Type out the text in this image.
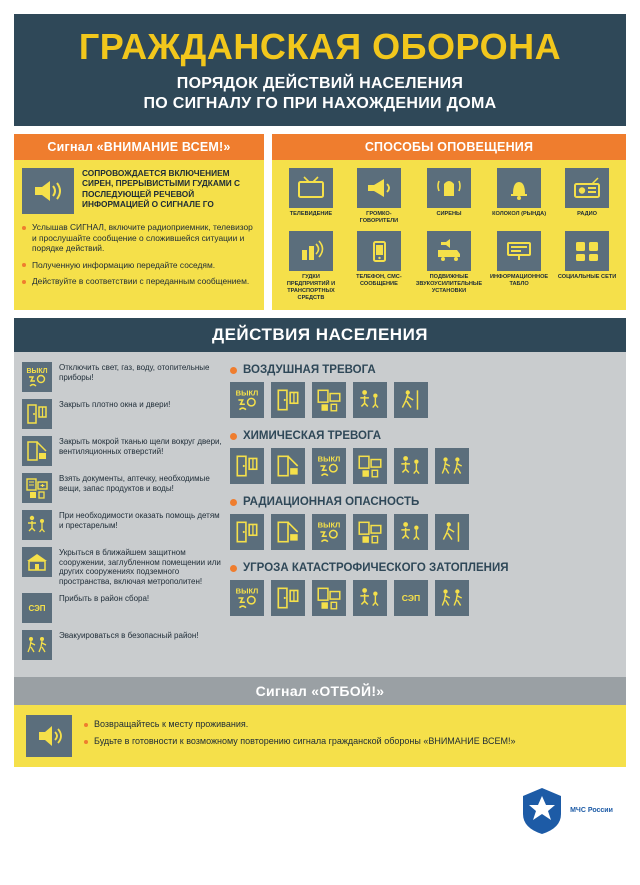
ГРАЖДАНСКАЯ ОБОРОНА
ПОРЯДОК ДЕЙСТВИЙ НАСЕЛЕНИЯ
ПО СИГНАЛУ ГО ПРИ НАХОЖДЕНИИ ДОМА
Сигнал «ВНИМАНИЕ ВСЕМ!»
СОПРОВОЖДАЕТСЯ ВКЛЮЧЕНИЕМ СИРЕН, ПРЕРЫВИСТЫМИ ГУДКАМИ С ПОСЛЕДУЮЩЕЙ РЕЧЕВОЙ ИНФОРМАЦИЕЙ О СИГНАЛЕ ГО
Услышав СИГНАЛ, включите радиоприемник, телевизор и прослушайте сообщение о сложившейся ситуации и порядке действий.
Полученную информацию передайте соседям.
Действуйте в соответствии с переданным сообщением.
СПОСОБЫ ОПОВЕЩЕНИЯ
ТЕЛЕВИДЕНИЕ	ГРОМКО-ГОВОРИТЕЛИ
СИРЕНЫ	КОЛОКОЛ (РЫНДА)	РАДИО
ГУДКИ ПРЕДПРИЯТИЙ И ТРАНСПОРТНЫХ СРЕДСТВ
ТЕЛЕФОН, СМС-СООБЩЕНИЕ
ПОДВИЖНЫЕ ЗВУКОУСИЛИТЕЛЬНЫЕ УСТАНОВКИ
ИНФОРМАЦИОННОЕ ТАБЛО
СОЦИАЛЬНЫЕ СЕТИ
ДЕЙСТВИЯ НАСЕЛЕНИЯ
ВЫКЛ Отключить свет, газ, воду, отопительные приборы!
Закрыть плотно окна и двери!
Закрыть мокрой тканью щели вокруг двери, вентиляционных отверстий!
Взять документы, аптечку, необходимые вещи, запас продуктов и воды!
При необходимости оказать помощь детям и престарелым!
Укрыться в ближайшем защитном сооружении, заглубленном помещении или других сооружениях подземного пространства, включая метрополитен!
СЭП
Прибыть в район сбора!
Эвакуироваться в безопасный район!
ВОЗДУШНАЯ ТРЕВОГА
ВЫКЛ
ХИМИЧЕСКАЯ ТРЕВОГА
ВЫКЛ
РАДИАЦИОННАЯ ОПАСНОСТЬ
ВЫКЛ
УГРОЗА КАТАСТРОФИЧЕСКОГО ЗАТОПЛЕНИЯ
ВЫКЛ
СЭП
Сигнал «ОТБОЙ!»
Возвращайтесь к месту проживания.
Будьте в готовности к возможному повторению сигнала гражданской обороны «ВНИМАНИЕ ВСЕМ!»
МЧС России
